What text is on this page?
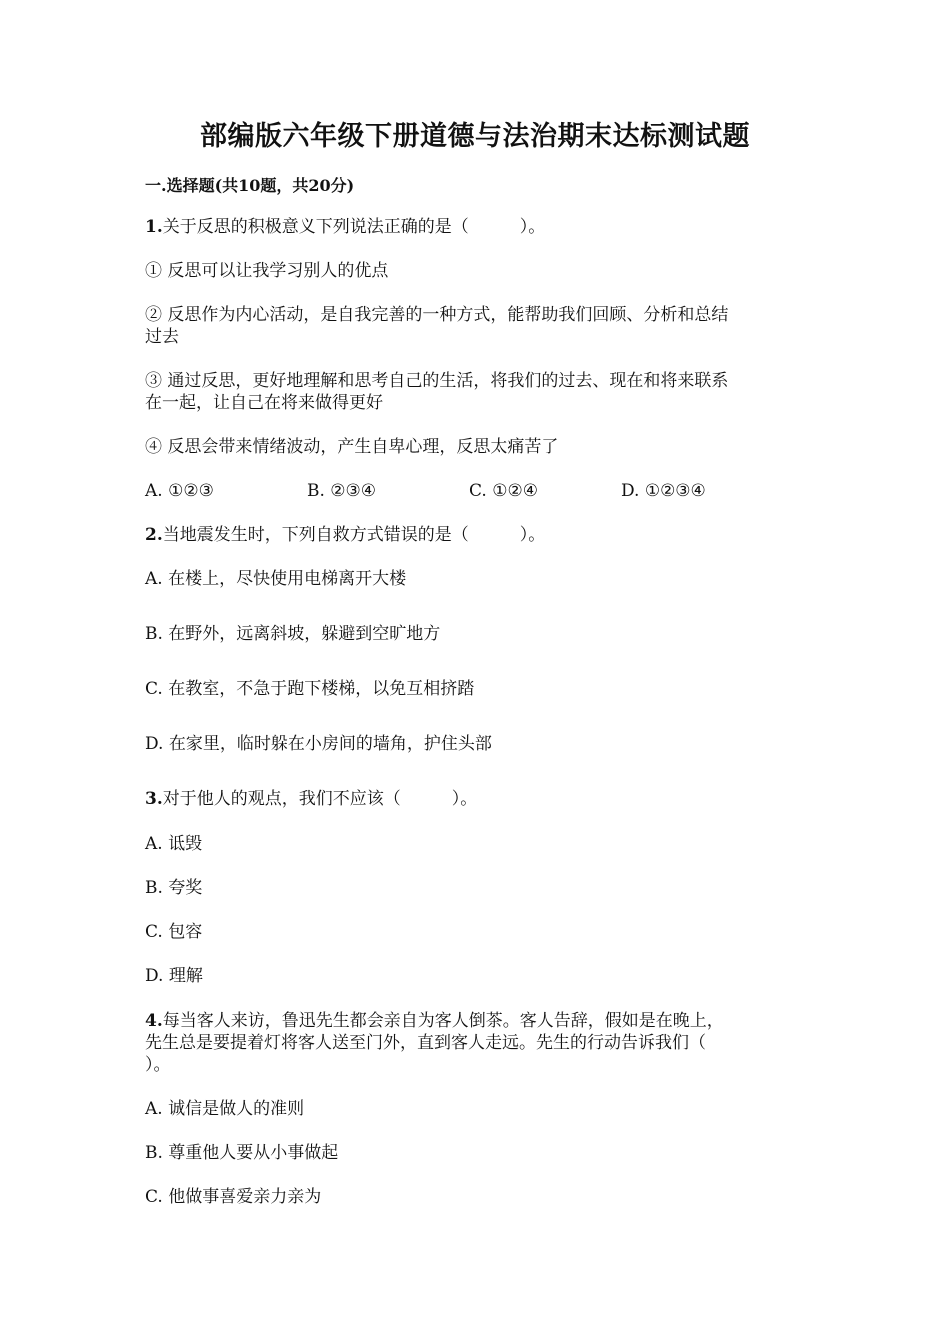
部编版六年级下册道德与法治期末达标测试题
一.选择题(共10题，共20分)
1.关于反思的积极意义下列说法正确的是（　　　）。
① 反思可以让我学习别人的优点
② 反思作为内心活动，是自我完善的一种方式，能帮助我们回顾、分析和总结
过去
③ 通过反思，更好地理解和思考自己的生活，将我们的过去、现在和将来联系
在一起，让自己在将来做得更好
④ 反思会带来情绪波动，产生自卑心理，反思太痛苦了
A. ①②③	B. ②③④	C. ①②④	D. ①②③④
2.当地震发生时，下列自救方式错误的是（　　　）。
A. 在楼上，尽快使用电梯离开大楼
B. 在野外，远离斜坡，躲避到空旷地方
C. 在教室，不急于跑下楼梯，以免互相挤踏
D. 在家里，临时躲在小房间的墙角，护住头部
3.对于他人的观点，我们不应该（　　　）。
A. 诋毁
B. 夸奖
C. 包容
D. 理解
4.每当客人来访，鲁迅先生都会亲自为客人倒茶。客人告辞，假如是在晚上，
先生总是要提着灯将客人送至门外，直到客人走远。先生的行动告诉我们（
）。
A. 诚信是做人的准则
B. 尊重他人要从小事做起
C. 他做事喜爱亲力亲为
